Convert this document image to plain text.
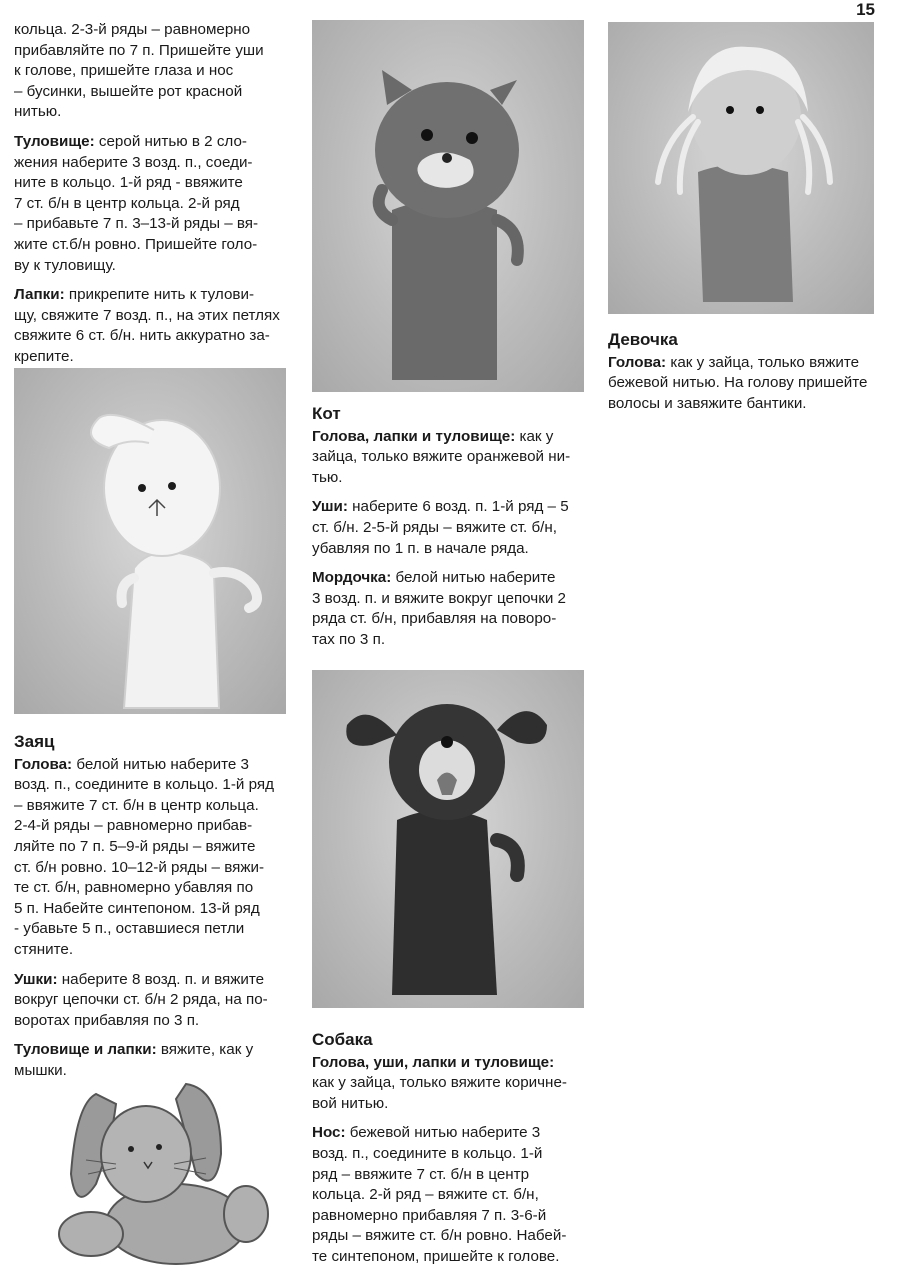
15

кольца. 2-3-й ряды – равномерно
прибавляйте по 7 п. Пришейте уши
к голове, пришейте глаза и нос
– бусинки, вышейте рот красной
нитью.

Туловище: серой нитью в 2 сло-
жения наберите 3 возд. п., соеди-
ните в кольцо. 1-й ряд - ввяжите
7 ст. б/н в центр кольца. 2-й ряд
– прибавьте 7 п. 3–13-й ряды – вя-
жите ст.б/н ровно. Пришейте голо-
ву к туловищу.

Лапки: прикрепите нить к тулови-
щу, свяжите 7 возд. п., на этих петлях
свяжите 6 ст. б/н. нить аккуратно за-
крепите.

Заяц

Голова: белой нитью наберите 3
возд. п., соедините в кольцо. 1-й ряд
– ввяжите 7 ст. б/н в центр кольца.
2-4-й ряды – равномерно прибав-
ляйте по 7 п. 5–9-й ряды – вяжите
ст. б/н ровно. 10–12-й ряды – вяжи-
те ст. б/н, равномерно убавляя по
5 п. Набейте синтепоном. 13-й ряд
- убавьте 5 п., оставшиеся петли
стяните.

Ушки: наберите 8 возд. п. и вяжите
вокруг цепочки ст. б/н 2 ряда, на по-
воротах прибавляя по 3 п.

Туловище и лапки: вяжите, как у
мышки.

Кот

Голова, лапки и туловище: как у
зайца, только вяжите оранжевой ни-
тью.

Уши: наберите 6 возд. п. 1-й ряд – 5
ст. б/н. 2-5-й ряды – вяжите ст. б/н,
убавляя по 1 п. в начале ряда.

Мордочка: белой нитью наберите
3 возд. п. и вяжите вокруг цепочки 2
ряда ст. б/н, прибавляя на поворо-
тах по 3 п.

Собака

Голова, уши, лапки и туловище:
как у зайца, только вяжите коричне-
вой нитью.

Нос: бежевой нитью наберите 3
возд. п., соедините в кольцо. 1-й
ряд – ввяжите 7 ст. б/н в центр
кольца. 2-й ряд – вяжите ст. б/н,
равномерно прибавляя 7 п. 3-6-й
ряды – вяжите ст. б/н ровно. Набей-
те синтепоном, пришейте к голове.

Девочка

Голова: как у зайца, только вяжите
бежевой нитью. На голову пришейте
волосы и завяжите бантики.
